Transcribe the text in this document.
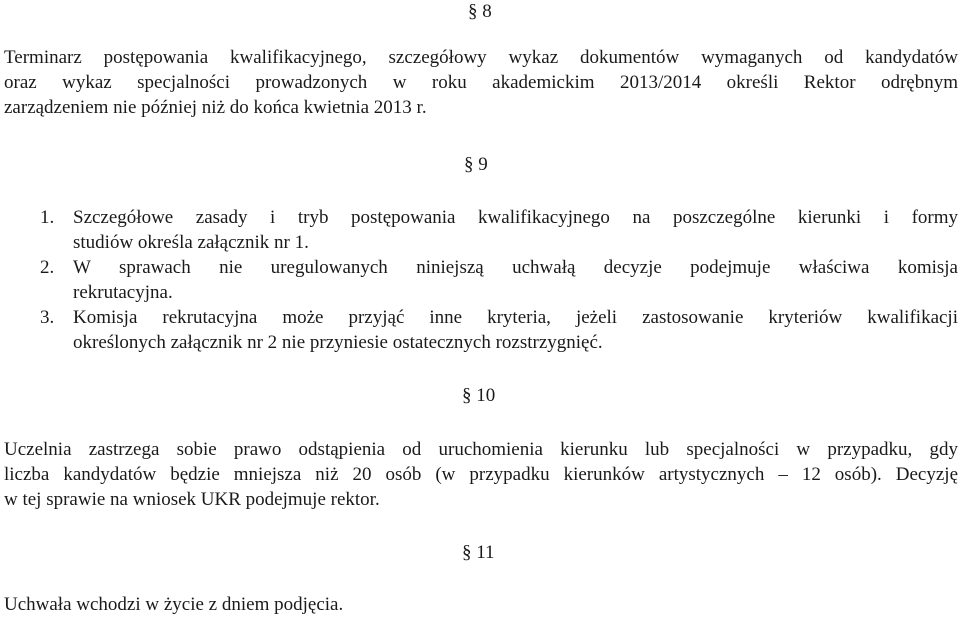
§ 8
Terminarz postępowania kwalifikacyjnego, szczegółowy wykaz dokumentów wymaganych od kandydatów
oraz wykaz specjalności prowadzonych w roku akademickim 2013/2014 określi Rektor odrębnym
zarządzeniem nie później niż do końca kwietnia 2013 r.
§ 9
1. Szczegółowe zasady i tryb postępowania kwalifikacyjnego na poszczególne kierunki i formy
studiów określa załącznik nr 1.
2. W sprawach nie uregulowanych niniejszą uchwałą decyzje podejmuje właściwa komisja
rekrutacyjna.
3. Komisja rekrutacyjna może przyjąć inne kryteria, jeżeli zastosowanie kryteriów kwalifikacji
określonych załącznik nr 2 nie przyniesie ostatecznych rozstrzygnięć.
§ 10
Uczelnia zastrzega sobie prawo odstąpienia od uruchomienia kierunku lub specjalności w przypadku, gdy
liczba kandydatów będzie mniejsza niż 20 osób (w przypadku kierunków artystycznych – 12 osób). Decyzję
w tej sprawie na wniosek UKR podejmuje rektor.
§ 11
Uchwała wchodzi w życie z dniem podjęcia.
